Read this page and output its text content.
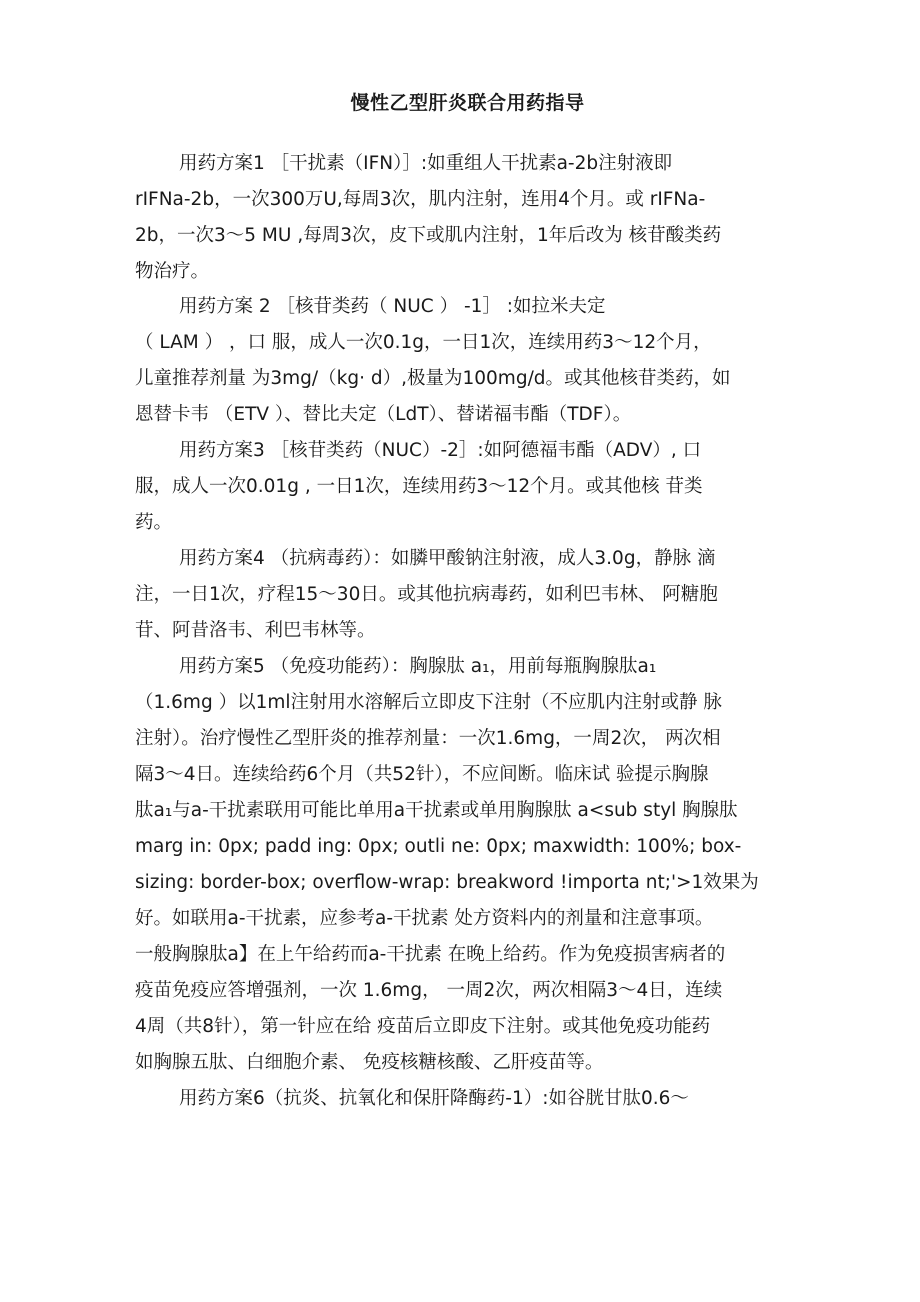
慢性乙型肝炎联合用药指导
用药方案1 ［干扰素（IFN）］:如重组人干扰素a-2b注射液即
rIFNa-2b，一次300万U,每周3次，肌内注射，连用4个月。或 rIFNa-
2b，一次3〜5 MU ,每周3次，皮下或肌内注射，1年后改为 核苷酸类药
物治疗。
用药方案 2 ［核苷类药（ NUC ） -1］ :如拉米夫定
（ LAM ） ，口 服，成人一次0.1g，一日1次，连续用药3〜12个月，
儿童推荐剂量 为3mg/（kg· d）,极量为100mg/d。或其他核苷类药，如
恩替卡韦 （ETV ）、替比夫定（LdT）、替诺福韦酯（TDF）。
用药方案3 ［核苷类药（NUC）-2］:如阿德福韦酯（ADV）, 口
服，成人一次0.01g , 一日1次，连续用药3〜12个月。或其他核 苷类
药。
用药方案4 （抗病毒药）：如膦甲酸钠注射液，成人3.0g，静脉 滴
注，一日1次，疗程15〜30日。或其他抗病毒药，如利巴韦林、 阿糖胞
苷、阿昔洛韦、利巴韦林等。
用药方案5 （免疫功能药）：胸腺肽 a₁，用前每瓶胸腺肽a₁
（1.6mg ）以1ml注射用水溶解后立即皮下注射（不应肌内注射或静 脉
注射）。治疗慢性乙型肝炎的推荐剂量：一次1.6mg，一周2次， 两次相
隔3〜4日。连续给药6个月（共52针），不应间断。临床试 验提示胸腺
肽a₁与a-干扰素联用可能比单用a干扰素或单用胸腺肽 a<sub styl 胸腺肽
marg in: 0px; padd ing: 0px; outli ne: 0px; maxwidth: 100%; box-
sizing: border-box; overflow-wrap: breakword !importa nt;'>1效果为
好。如联用a-干扰素，应参考a-干扰素 处方资料内的剂量和注意事项。
一般胸腺肽a】在上午给药而a-干扰素 在晚上给药。作为免疫损害病者的
疫苗免疫应答增强剂，一次 1.6mg， 一周2次，两次相隔3〜4日，连续
4周（共8针），第一针应在给 疫苗后立即皮下注射。或其他免疫功能药
如胸腺五肽、白细胞介素、 免疫核糖核酸、乙肝疫苗等。
用药方案6（抗炎、抗氧化和保肝降酶药-1）:如谷胱甘肽0.6〜
